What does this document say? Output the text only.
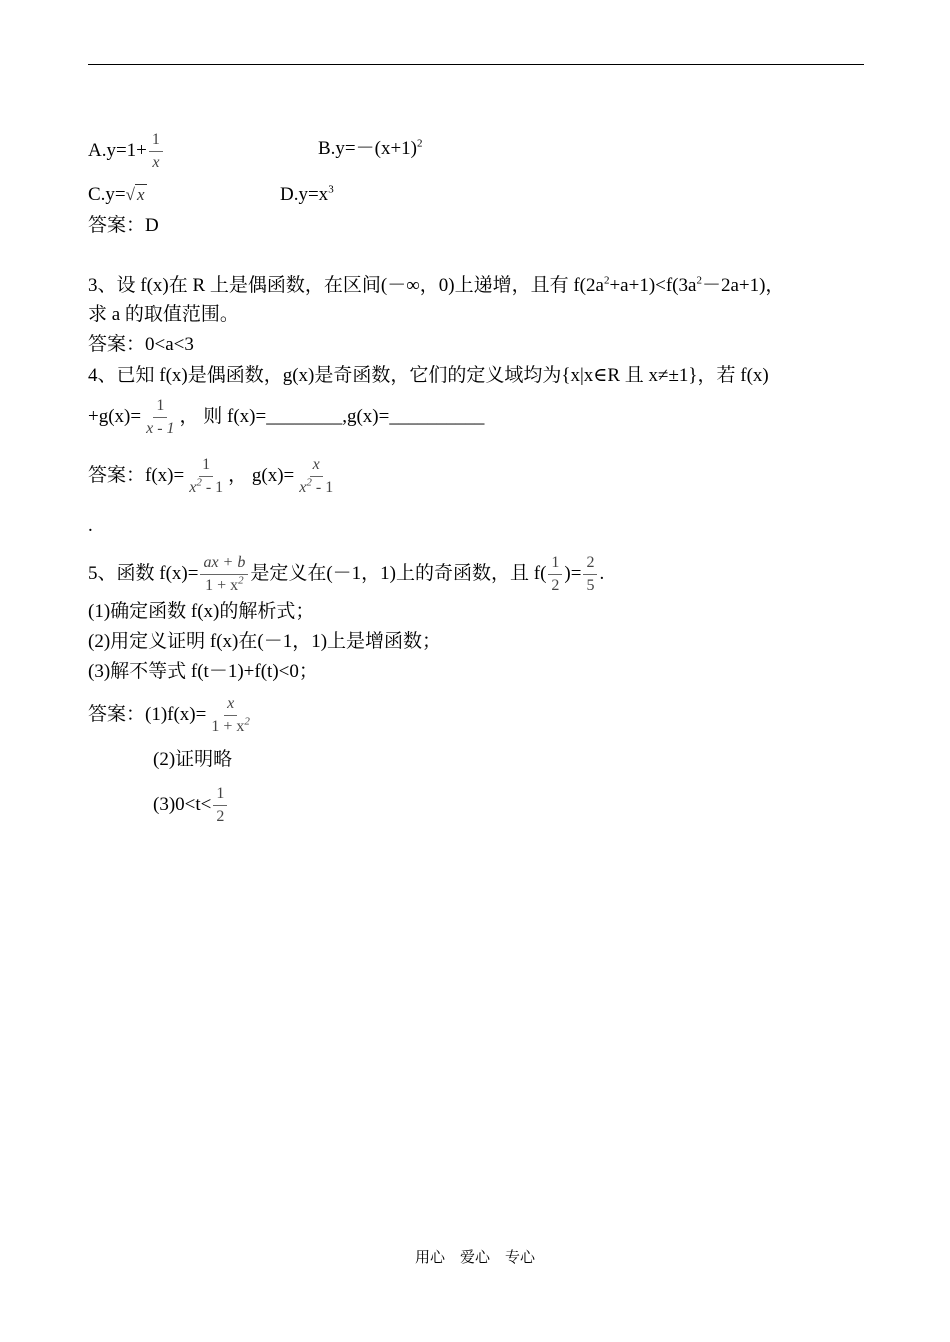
$A.y=1+ \frac{1}{x}$	$B.y=-(x+1)^2$
C.y=√ x	$D.y=x^3$
答案：D
3、设 f(x)在 R 上是偶函数，在区间(－∞，0)上递增，且有 $f(2a^2+a+1)<f(3a^2-2a+1)$，
求 a 的取值范围。
答案：0<a<3
4、已知 f(x)是偶函数，g(x)是奇函数，它们的定义域均为{x|x∈R 且 x≠±1}，若 f(x)
$+g(x)= \frac{1}{x - 1}$ ， 则 f(x)=________,g(x)=__________
答案：$f(x)= \frac{1}{x^2 - 1}$ ， $g(x)= \frac{x}{x^2 - 1}$
.
5、函数 $f(x)= \frac{ax + b}{1 + x^2}$ 是定义在(－1，1)上的奇函数，且 $f( \frac{1}{2}$ )= $\frac{2}{5}$ .
(1)确定函数 f(x)的解析式；
(2)用定义证明 f(x)在(－1，1)上是增函数；
(3)解不等式 f(t－1)+f(t)<0；
答案：$(1)f(x)= \frac{x}{1 + x^2}$
(2)证明略
$(3)0<t< \frac{1}{2}$
用心　爱心　专心
